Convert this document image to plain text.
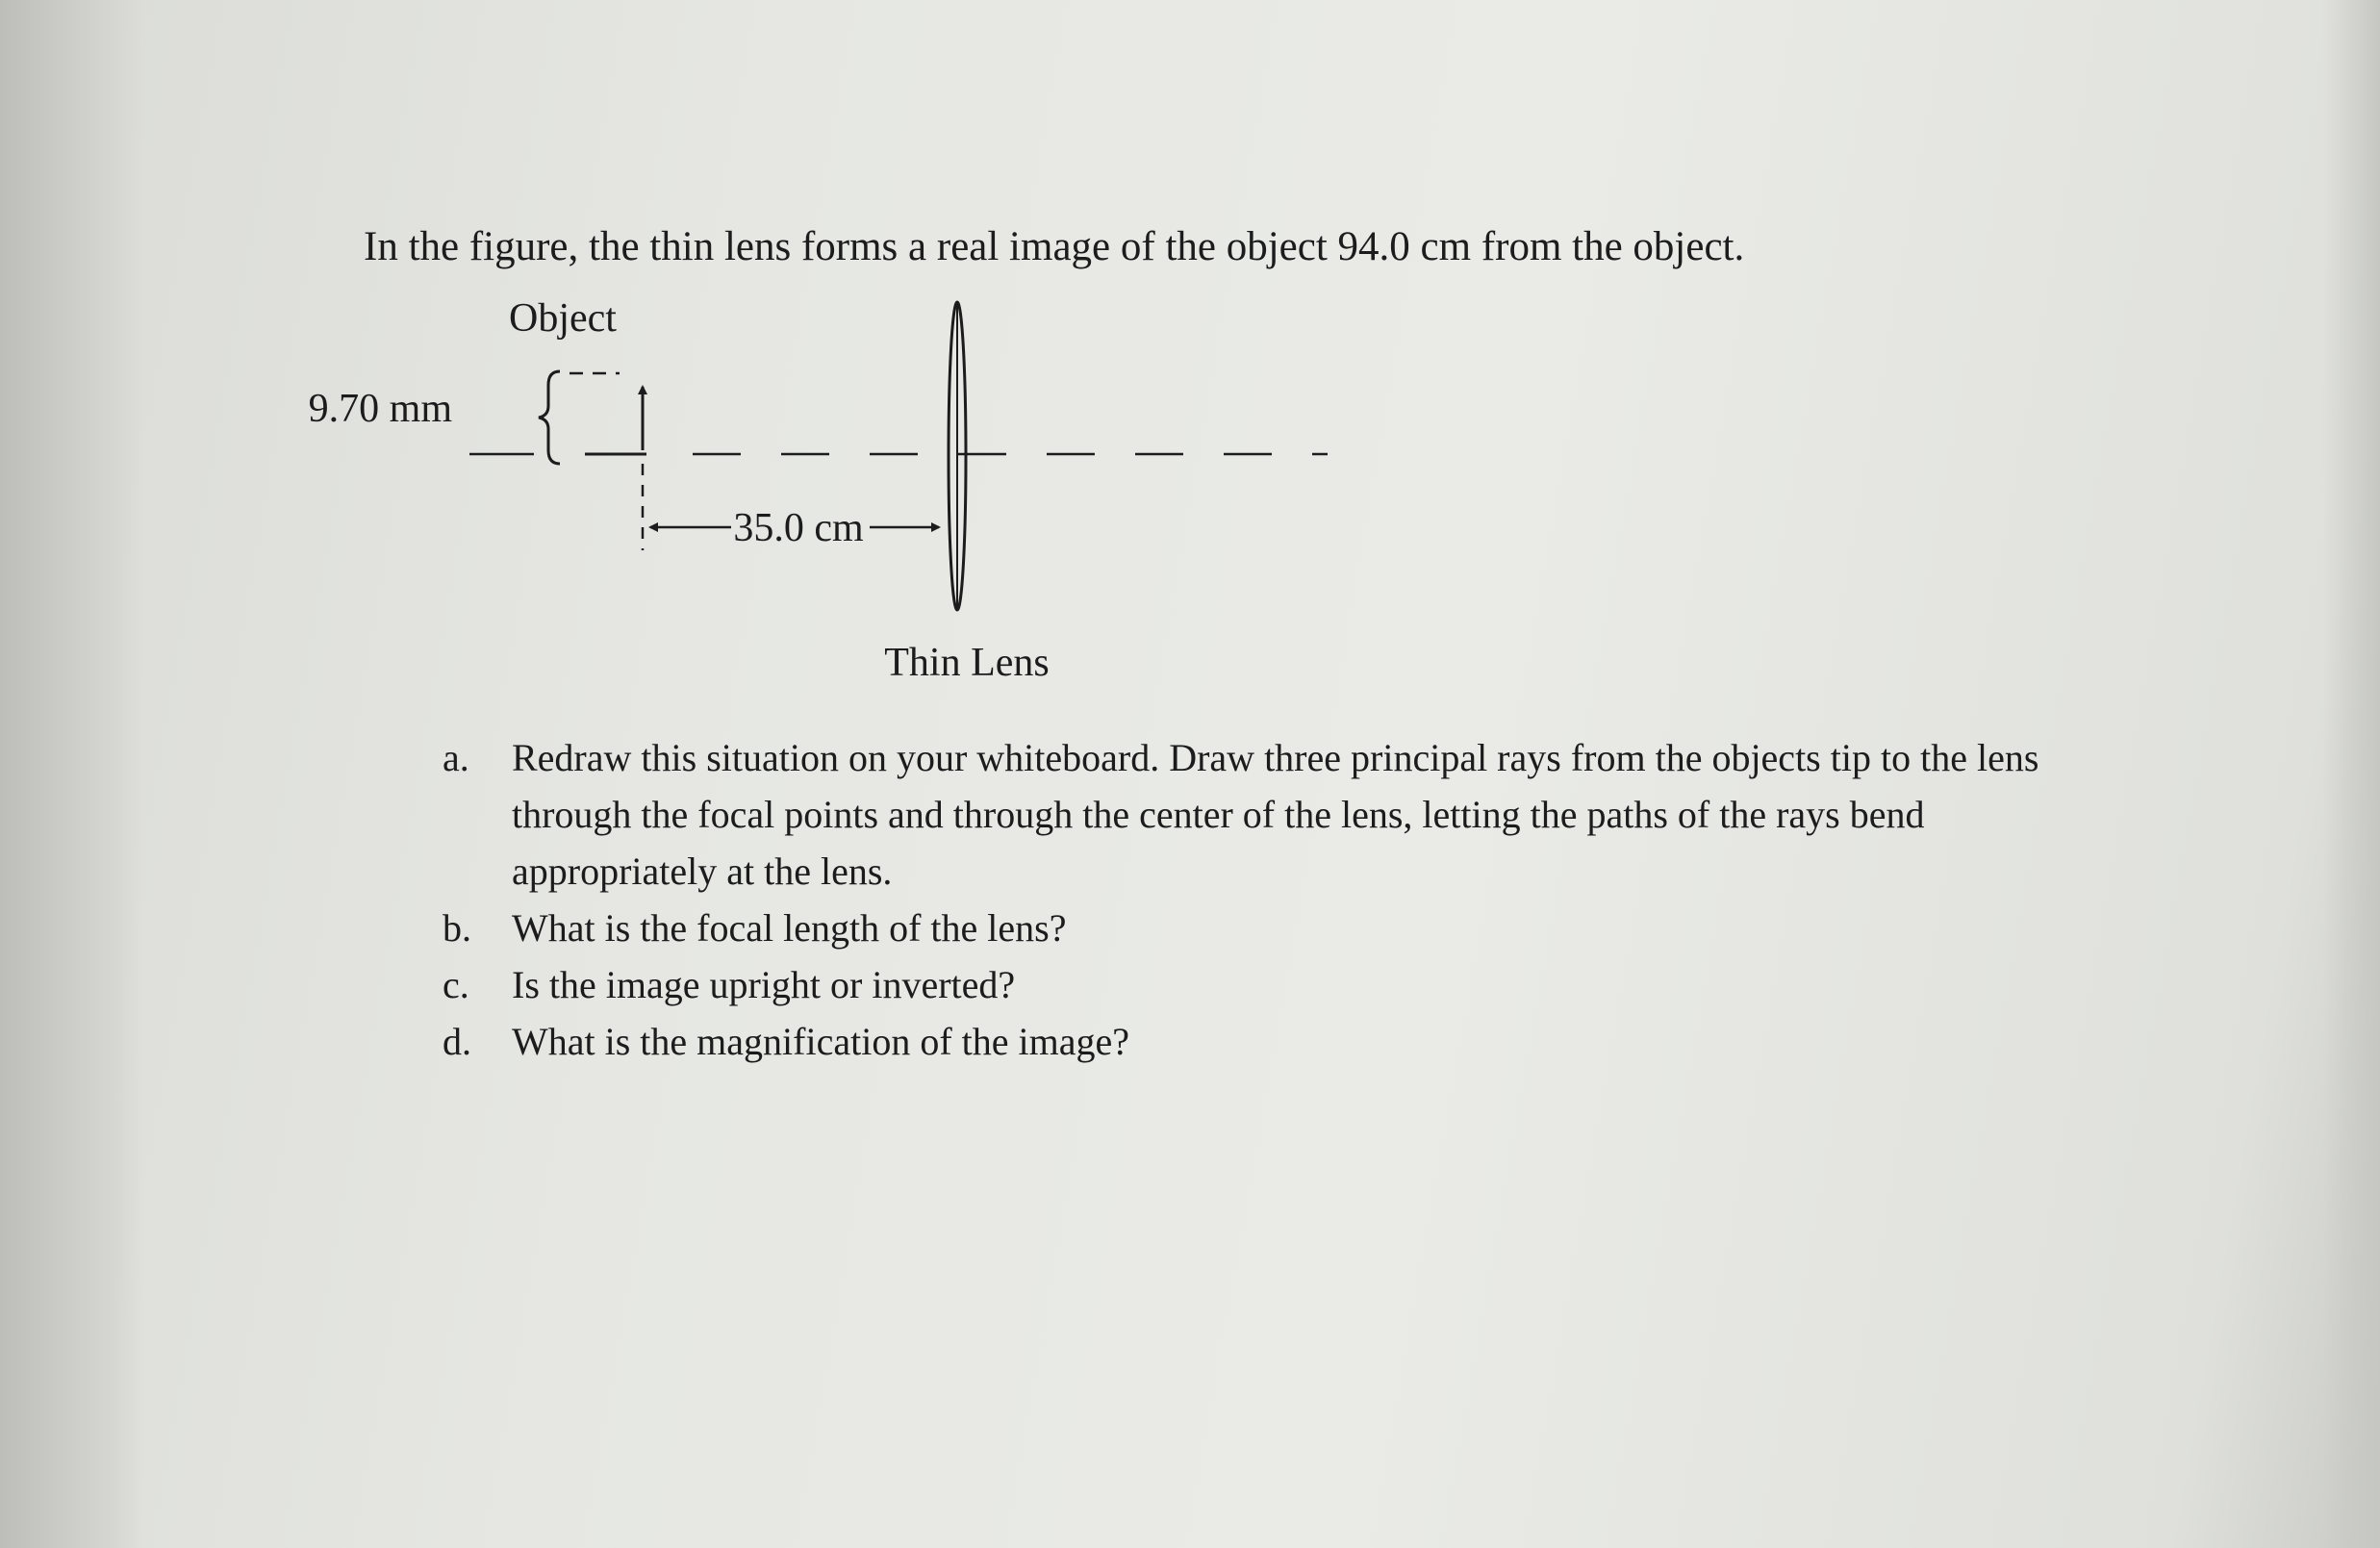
In the figure, the thin lens forms a real image of the object 94.0 cm from the object.
Object
9.70 mm
35.0 cm
Thin Lens
a.	Redraw this situation on your whiteboard. Draw three principal rays from the objects tip to the lens through the focal points and through the center of the lens, letting the paths of the rays bend appropriately at the lens.
b.	What is the focal length of the lens?
c.	Is the image upright or inverted?
d.	What is the magnification of the image?
